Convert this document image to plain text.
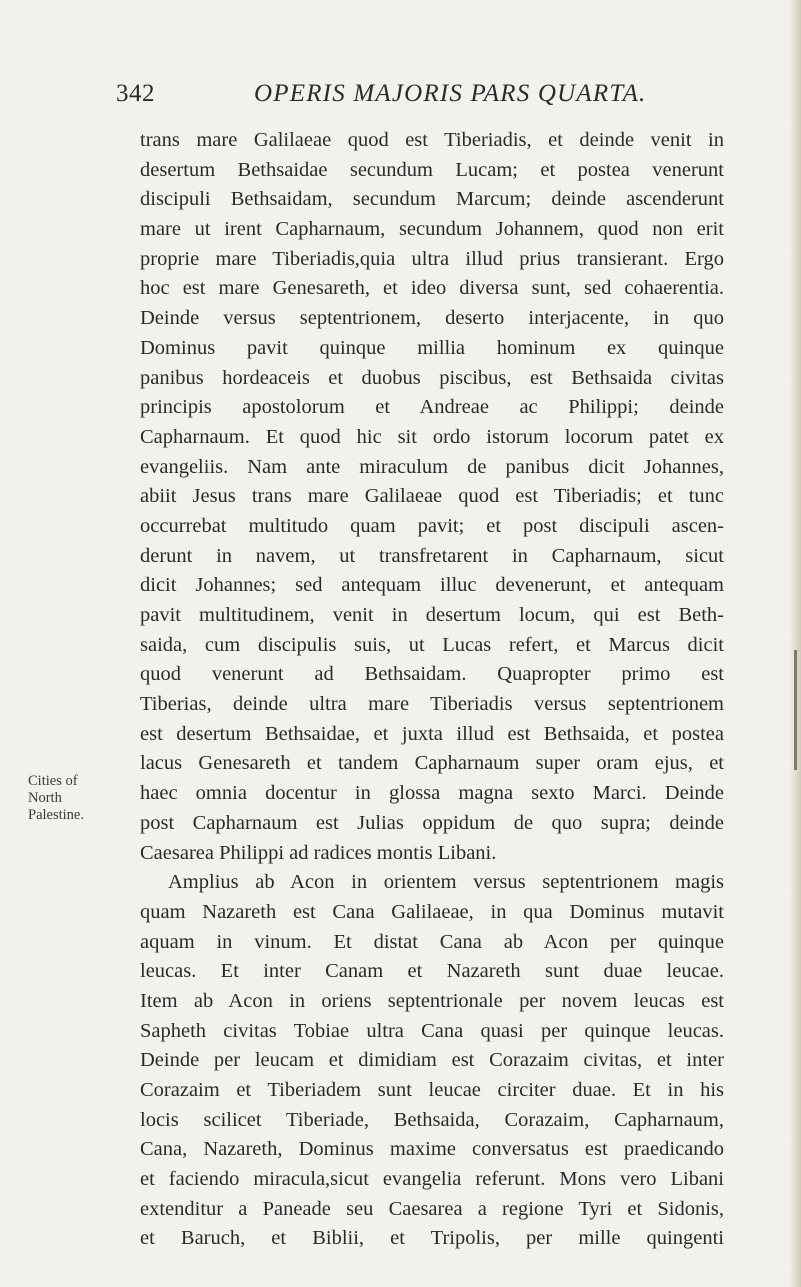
342	OPERIS MAJORIS PARS QUARTA.
Cities of
North
Palestine.
trans mare Galilaeae quod est Tiberiadis, et deinde venit in
desertum Bethsaidae secundum Lucam; et postea venerunt
discipuli Bethsaidam, secundum Marcum; deinde ascenderunt
mare ut irent Capharnaum, secundum Johannem, quod non erit
proprie mare Tiberiadis,quia ultra illud prius transierant. Ergo
hoc est mare Genesareth, et ideo diversa sunt, sed cohaerentia.
Deinde versus septentrionem, deserto interjacente, in quo
Dominus pavit quinque millia hominum ex quinque
panibus hordeaceis et duobus piscibus, est Bethsaida civitas
principis apostolorum et Andreae ac Philippi; deinde
Capharnaum. Et quod hic sit ordo istorum locorum patet ex
evangeliis. Nam ante miraculum de panibus dicit Johannes,
abiit Jesus trans mare Galilaeae quod est Tiberiadis; et tunc
occurrebat multitudo quam pavit; et post discipuli ascen-
derunt in navem, ut transfretarent in Capharnaum, sicut
dicit Johannes; sed antequam illuc devenerunt, et antequam
pavit multitudinem, venit in desertum locum, qui est Beth-
saida, cum discipulis suis, ut Lucas refert, et Marcus dicit
quod venerunt ad Bethsaidam. Quapropter primo est
Tiberias, deinde ultra mare Tiberiadis versus septentrionem
est desertum Bethsaidae, et juxta illud est Bethsaida, et postea
lacus Genesareth et tandem Capharnaum super oram ejus, et
haec omnia docentur in glossa magna sexto Marci. Deinde
post Capharnaum est Julias oppidum de quo supra; deinde
Caesarea Philippi ad radices montis Libani.
Amplius ab Acon in orientem versus septentrionem magis
quam Nazareth est Cana Galilaeae, in qua Dominus mutavit
aquam in vinum. Et distat Cana ab Acon per quinque
leucas. Et inter Canam et Nazareth sunt duae leucae.
Item ab Acon in oriens septentrionale per novem leucas est
Sapheth civitas Tobiae ultra Cana quasi per quinque leucas.
Deinde per leucam et dimidiam est Corazaim civitas, et inter
Corazaim et Tiberiadem sunt leucae circiter duae. Et in his
locis scilicet Tiberiade, Bethsaida, Corazaim, Capharnaum,
Cana, Nazareth, Dominus maxime conversatus est praedicando
et faciendo miracula,sicut evangelia referunt. Mons vero Libani
extenditur a Paneade seu Caesarea a regione Tyri et Sidonis,
et Baruch, et Biblii, et Tripolis, per mille quingenti
